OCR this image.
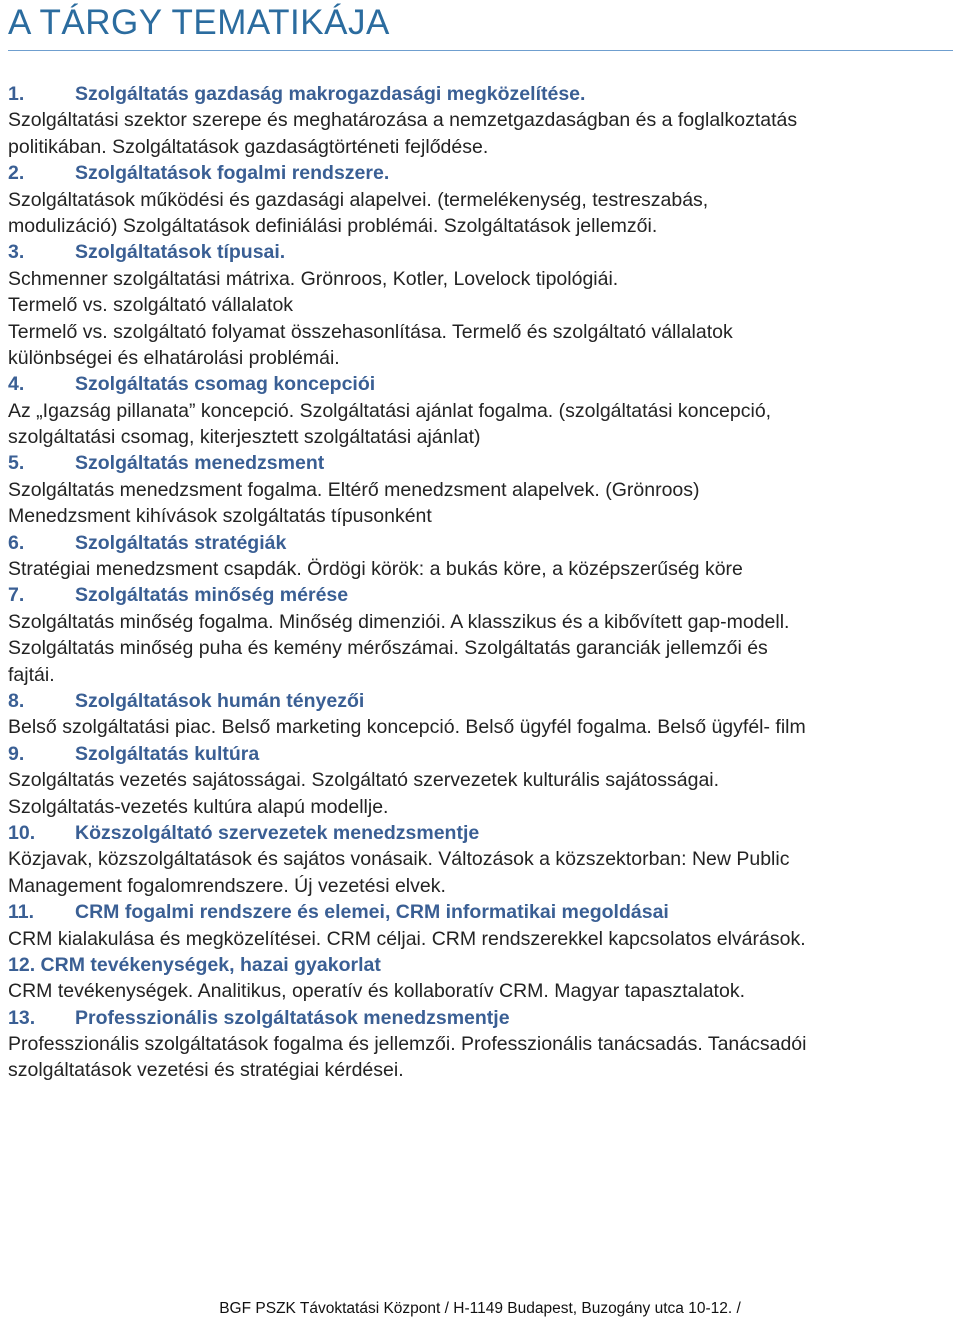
A TÁRGY TEMATIKÁJA
1.	Szolgáltatás gazdaság makrogazdasági megközelítése.
Szolgáltatási szektor szerepe és meghatározása a nemzetgazdaságban és a foglalkoztatás
politikában. Szolgáltatások gazdaságtörténeti fejlődése.
2.	Szolgáltatások fogalmi rendszere.
Szolgáltatások működési és gazdasági alapelvei. (termelékenység, testreszabás,
modulizáció) Szolgáltatások definiálási problémái. Szolgáltatások jellemzői.
3.	Szolgáltatások típusai.
Schmenner szolgáltatási mátrixa. Grönroos, Kotler, Lovelock tipológiái.
Termelő vs. szolgáltató vállalatok
Termelő vs. szolgáltató folyamat összehasonlítása. Termelő és szolgáltató vállalatok
különbségei és elhatárolási problémái.
4.	Szolgáltatás csomag koncepciói
Az „Igazság pillanata” koncepció. Szolgáltatási ajánlat fogalma. (szolgáltatási koncepció,
szolgáltatási csomag, kiterjesztett szolgáltatási ajánlat)
5.	Szolgáltatás menedzsment
Szolgáltatás menedzsment fogalma. Eltérő menedzsment alapelvek. (Grönroos)
Menedzsment kihívások szolgáltatás típusonként
6.	Szolgáltatás stratégiák
Stratégiai menedzsment csapdák. Ördögi körök: a bukás köre, a középszerűség köre
7.	Szolgáltatás minőség mérése
Szolgáltatás minőség fogalma. Minőség dimenziói. A klasszikus és a kibővített gap-modell.
Szolgáltatás minőség puha és kemény mérőszámai. Szolgáltatás garanciák jellemzői és
fajtái.
8.	Szolgáltatások humán tényezői
Belső szolgáltatási piac. Belső marketing koncepció. Belső ügyfél fogalma. Belső ügyfél- film
9.	Szolgáltatás kultúra
Szolgáltatás vezetés sajátosságai. Szolgáltató szervezetek kulturális sajátosságai.
Szolgáltatás-vezetés kultúra alapú modellje.
10. Közszolgáltató szervezetek menedzsmentje
Közjavak, közszolgáltatások és sajátos vonásaik. Változások a közszektorban: New Public
Management fogalomrendszere. Új vezetési elvek.
11. CRM fogalmi rendszere és elemei, CRM informatikai megoldásai
CRM kialakulása és megközelítései. CRM céljai. CRM rendszerekkel kapcsolatos elvárások.
12. CRM tevékenységek, hazai gyakorlat
CRM tevékenységek. Analitikus, operatív és kollaboratív CRM. Magyar tapasztalatok.
13. Professzionális szolgáltatások menedzsmentje
Professzionális szolgáltatások fogalma és jellemzői. Professzionális tanácsadás. Tanácsadói
szolgáltatások vezetési és stratégiai kérdései.
BGF PSZK Távoktatási Központ / H-1149 Budapest, Buzogány utca 10-12. /
